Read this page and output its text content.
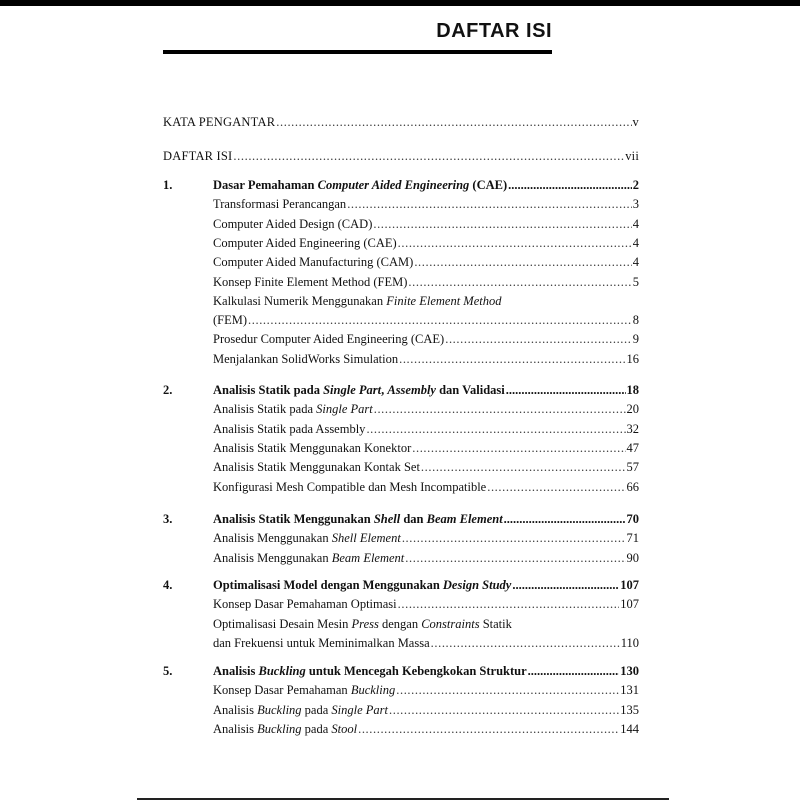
DAFTAR ISI
KATA PENGANTAR .....	v
DAFTAR ISI .....	vii
1.	Dasar Pemahaman Computer Aided Engineering (CAE) .....	2
Transformasi Perancangan .....	3
Computer Aided Design (CAD) .....	4
Computer Aided Engineering (CAE) .....	4
Computer Aided Manufacturing (CAM) .....	4
Konsep Finite Element Method (FEM) .....	5
Kalkulasi Numerik Menggunakan Finite Element Method
(FEM) .....	8
Prosedur Computer Aided Engineering (CAE) .....	9
Menjalankan SolidWorks Simulation .....	16
2.	Analisis Statik pada Single Part, Assembly dan Validasi .....	18
Analisis Statik pada Single Part .....	20
Analisis Statik pada Assembly .....	32
Analisis Statik Menggunakan Konektor .....	47
Analisis Statik Menggunakan Kontak Set .....	57
Konfigurasi Mesh Compatible dan Mesh Incompatible .....	66
3.	Analisis Statik Menggunakan Shell dan Beam Element .....	70
Analisis Menggunakan Shell Element .....	71
Analisis Menggunakan Beam Element .....	90
4.	Optimalisasi Model dengan Menggunakan Design Study .....	107
Konsep Dasar Pemahaman Optimasi .....	107
Optimalisasi Desain Mesin Press dengan Constraints Statik
dan Frekuensi untuk Meminimalkan Massa .....	110
5.	Analisis Buckling untuk Mencegah Kebengkokan Struktur .....	130
Konsep Dasar Pemahaman Buckling .....	131
Analisis Buckling pada Single Part .....	135
Analisis Buckling pada Stool .....	144
